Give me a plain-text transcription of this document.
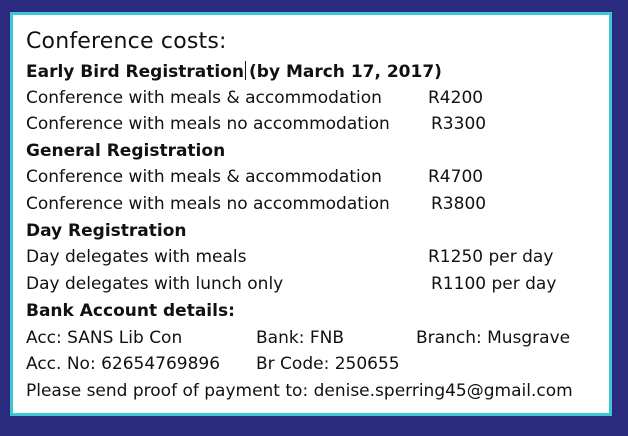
Conference costs:
Early Bird Registration (by March 17, 2017)
Conference with meals & accommodation	R4200
Conference with meals no accommodation R3300
General Registration
Conference with meals & accommodation	R4700
Conference with meals no accommodation R3800
Day Registration
Day delegates with meals	R1250 per day
Day delegates with lunch only	R1100 per day
Bank Account details:
Acc: SANS Lib Con	Bank: FNB	Branch: Musgrave
Acc. No: 62654769896 Br Code: 250655
Please send proof of payment to: denise.sperring45@gmail.com
